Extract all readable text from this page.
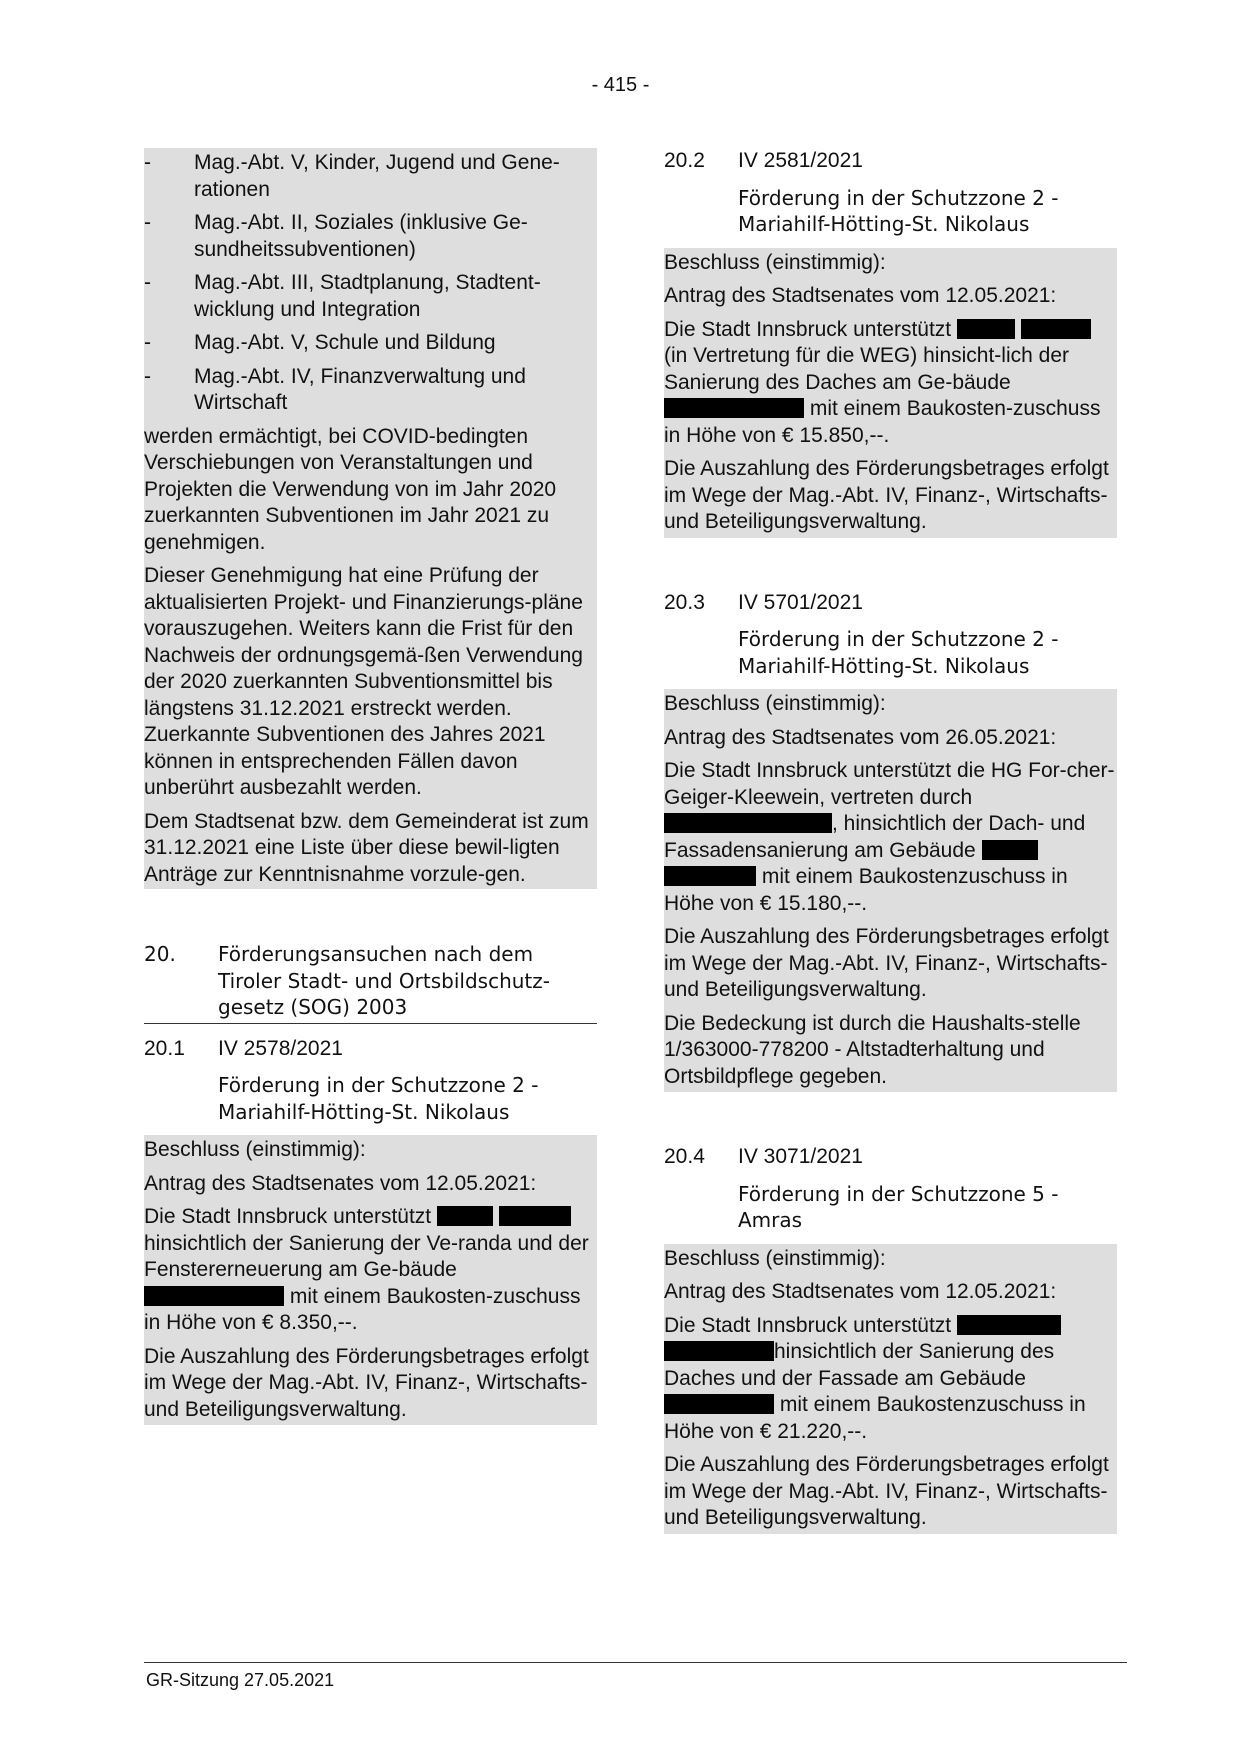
- 415 -
-	Mag.-Abt. V, Kinder, Jugend und Gene-rationen
-	Mag.-Abt. II, Soziales (inklusive Ge-sundheitssubventionen)
-	Mag.-Abt. III, Stadtplanung, Stadtent-wicklung und Integration
-	Mag.-Abt. V, Schule und Bildung
-	Mag.-Abt. IV, Finanzverwaltung und Wirtschaft
werden ermächtigt, bei COVID-bedingten Verschiebungen von Veranstaltungen und Projekten die Verwendung von im Jahr 2020 zuerkannten Subventionen im Jahr 2021 zu genehmigen.
Dieser Genehmigung hat eine Prüfung der aktualisierten Projekt- und Finanzierungs-pläne vorauszugehen. Weiters kann die Frist für den Nachweis der ordnungsgemä-ßen Verwendung der 2020 zuerkannten Subventionsmittel bis längstens 31.12.2021 erstreckt werden. Zuerkannte Subventionen des Jahres 2021 können in entsprechenden Fällen davon unberührt ausbezahlt werden.
Dem Stadtsenat bzw. dem Gemeinderat ist zum 31.12.2021 eine Liste über diese bewil-ligten Anträge zur Kenntnisnahme vorzule-gen.
20.	Förderungsansuchen nach dem Tiroler Stadt- und Ortsbildschutz-gesetz (SOG) 2003
20.1	IV 2578/2021
Förderung in der Schutzzone 2 - Mariahilf-Hötting-St. Nikolaus
Beschluss (einstimmig):
Antrag des Stadtsenates vom 12.05.2021:
Die Stadt Innsbruck unterstützt   hinsichtlich der Sanierung der Ve-randa und der Fenstererneuerung am Ge-bäude  mit einem Baukosten-zuschuss in Höhe von € 8.350,--.
Die Auszahlung des Förderungsbetrages erfolgt im Wege der Mag.-Abt. IV, Finanz-, Wirtschafts- und Beteiligungsverwaltung.
20.2	IV 2581/2021
Förderung in der Schutzzone 2 - Mariahilf-Hötting-St. Nikolaus
Beschluss (einstimmig):
Antrag des Stadtsenates vom 12.05.2021:
Die Stadt Innsbruck unterstützt   (in Vertretung für die WEG) hinsicht-lich der Sanierung des Daches am Ge-bäude  mit einem Baukosten-zuschuss in Höhe von € 15.850,--.
Die Auszahlung des Förderungsbetrages erfolgt im Wege der Mag.-Abt. IV, Finanz-, Wirtschafts- und Beteiligungsverwaltung.
20.3	IV 5701/2021
Förderung in der Schutzzone 2 - Mariahilf-Hötting-St. Nikolaus
Beschluss (einstimmig):
Antrag des Stadtsenates vom 26.05.2021:
Die Stadt Innsbruck unterstützt die HG For-cher-Geiger-Kleewein, vertreten durch , hinsichtlich der Dach- und Fassadensanierung am Gebäude   mit einem Baukostenzuschuss in Höhe von € 15.180,--.
Die Auszahlung des Förderungsbetrages erfolgt im Wege der Mag.-Abt. IV, Finanz-, Wirtschafts- und Beteiligungsverwaltung.
Die Bedeckung ist durch die Haushalts-stelle 1/363000-778200 - Altstadterhaltung und Ortsbildpflege gegeben.
20.4	IV 3071/2021
Förderung in der Schutzzone 5 - Amras
Beschluss (einstimmig):
Antrag des Stadtsenates vom 12.05.2021:
Die Stadt Innsbruck unterstützt  hinsichtlich der Sanierung des Daches und der Fassade am Gebäude  mit einem Baukostenzuschuss in Höhe von € 21.220,--.
Die Auszahlung des Förderungsbetrages erfolgt im Wege der Mag.-Abt. IV, Finanz-, Wirtschafts- und Beteiligungsverwaltung.
GR-Sitzung 27.05.2021
